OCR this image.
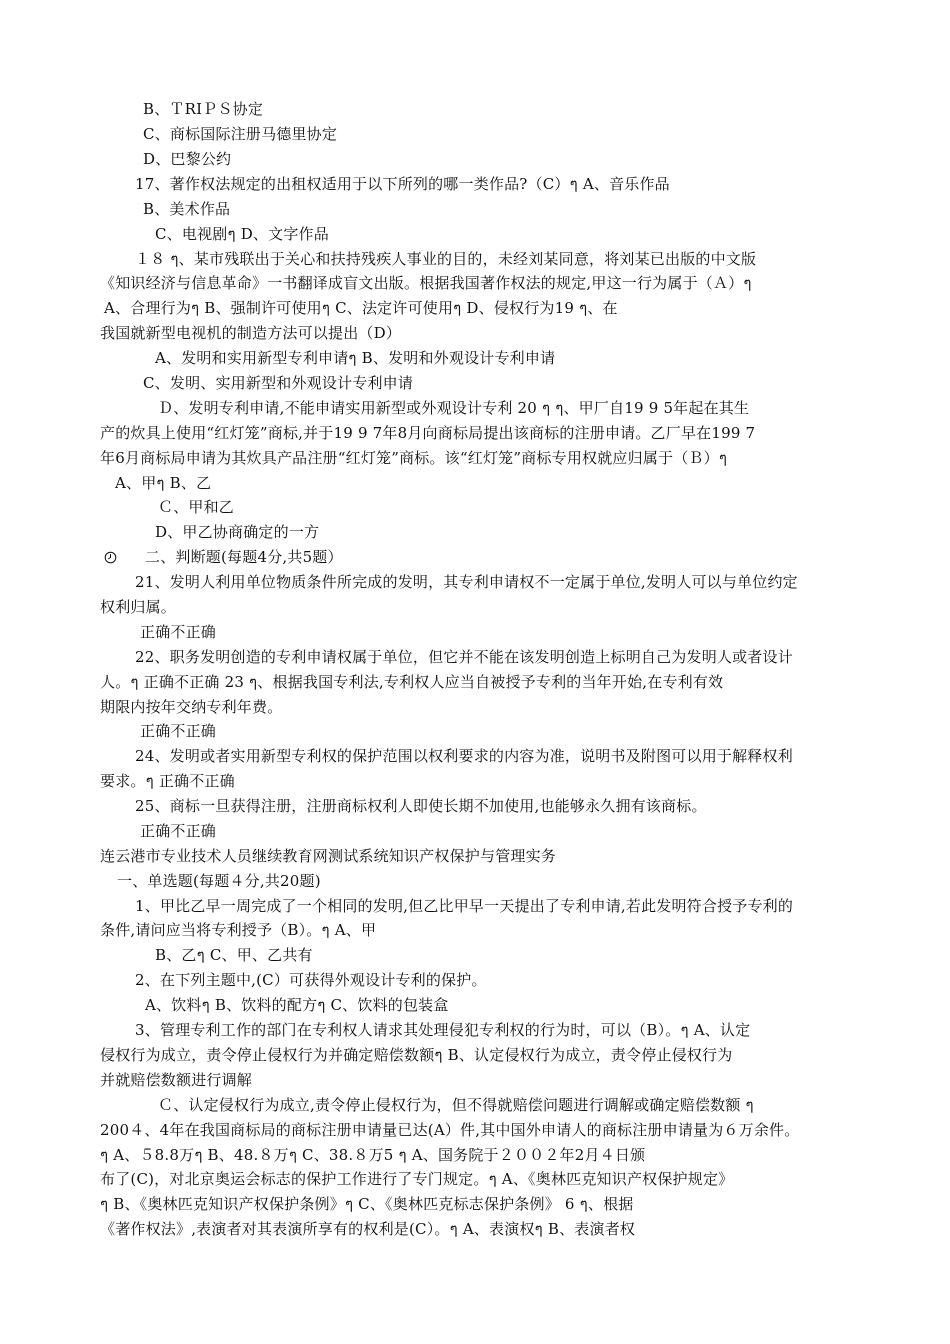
B、ＴRIＰＳ协定
C、商标国际注册马德里协定
D、巴黎公约
17、著作权法规定的出租权适用于以下所列的哪一类作品?（C）ๆ A、音乐作品
B、美术作品
C、电视剧ๆ D、文字作品
１８ ๆ、某市残联出于关心和扶持残疾人事业的目的，未经刘某同意，将刘某已出版的中文版
《知识经济与信息革命》一书翻译成盲文出版。根据我国著作权法的规定,甲这一行为属于（Ａ）ๆ
A、合理行为ๆ B、强制许可使用ๆ C、法定许可使用ๆ D、侵权行为19 ๆ、在
我国就新型电视机的制造方法可以提出（D）
A、发明和实用新型专利申请ๆ B、发明和外观设计专利申请
C、发明、实用新型和外观设计专利申请
Ｄ、发明专利申请,不能申请实用新型或外观设计专利 20 ๆ ๆ、甲厂自19 9 5年起在其生
产的炊具上使用“红灯笼”商标,并于19 9 7年8月向商标局提出该商标的注册申请。乙厂早在199 7
年6月商标局申请为其炊具产品注册“红灯笼”商标。该“红灯笼”商标专用权就应归属于（Ｂ）ๆ
A、甲ๆ B、乙
Ｃ、甲和乙
D、甲乙协商确定的一方
二、判断题(每题4分,共5题）
21、发明人利用单位物质条件所完成的发明，其专利申请权不一定属于单位,发明人可以与单位约定
权利归属。
正确不正确
22、职务发明创造的专利申请权属于单位，但它并不能在该发明创造上标明自己为发明人或者设计
人。ๆ 正确不正确 23 ๆ、根据我国专利法,专利权人应当自被授予专利的当年开始,在专利有效
期限内按年交纳专利年费。
正确不正确
24、发明或者实用新型专利权的保护范围以权利要求的内容为准，说明书及附图可以用于解释权利
要求。ๆ 正确不正确
25、商标一旦获得注册，注册商标权利人即使长期不加使用,也能够永久拥有该商标。
正确不正确
连云港市专业技术人员继续教育网测试系统知识产权保护与管理实务
一、单选题(每题４分,共20题)
1、甲比乙早一周完成了一个相同的发明,但乙比甲早一天提出了专利申请,若此发明符合授予专利的
条件,请问应当将专利授予（B）。ๆ A、甲
B、乙ๆ C、甲、乙共有
2、在下列主题中,(C）可获得外观设计专利的保护。
A、饮料ๆ B、饮料的配方ๆ C、饮料的包装盒
3、管理专利工作的部门在专利权人请求其处理侵犯专利权的行为时，可以（B）。ๆ A、认定
侵权行为成立，责令停止侵权行为并确定赔偿数额ๆ B、认定侵权行为成立，责令停止侵权行为
并就赔偿数额进行调解
Ｃ、认定侵权行为成立,责令停止侵权行为，但不得就赔偿问题进行调解或确定赔偿数额 ๆ
200４、4年在我国商标局的商标注册申请量已达(A）件,其中国外申请人的商标注册申请量为６万余件。
ๆ A、５8.8万ๆ B、48.８万ๆ C、38.８万5 ๆ A、国务院于２００２年2月４日颁
布了(C)，对北京奥运会标志的保护工作进行了专门规定。ๆ A、《奥林匹克知识产权保护规定》
ๆ B、《奥林匹克知识产权保护条例》ๆ C、《奥林匹克标志保护条例》 6 ๆ、根据
《著作权法》,表演者对其表演所享有的权利是(C）。ๆ A、表演权ๆ B、表演者权
